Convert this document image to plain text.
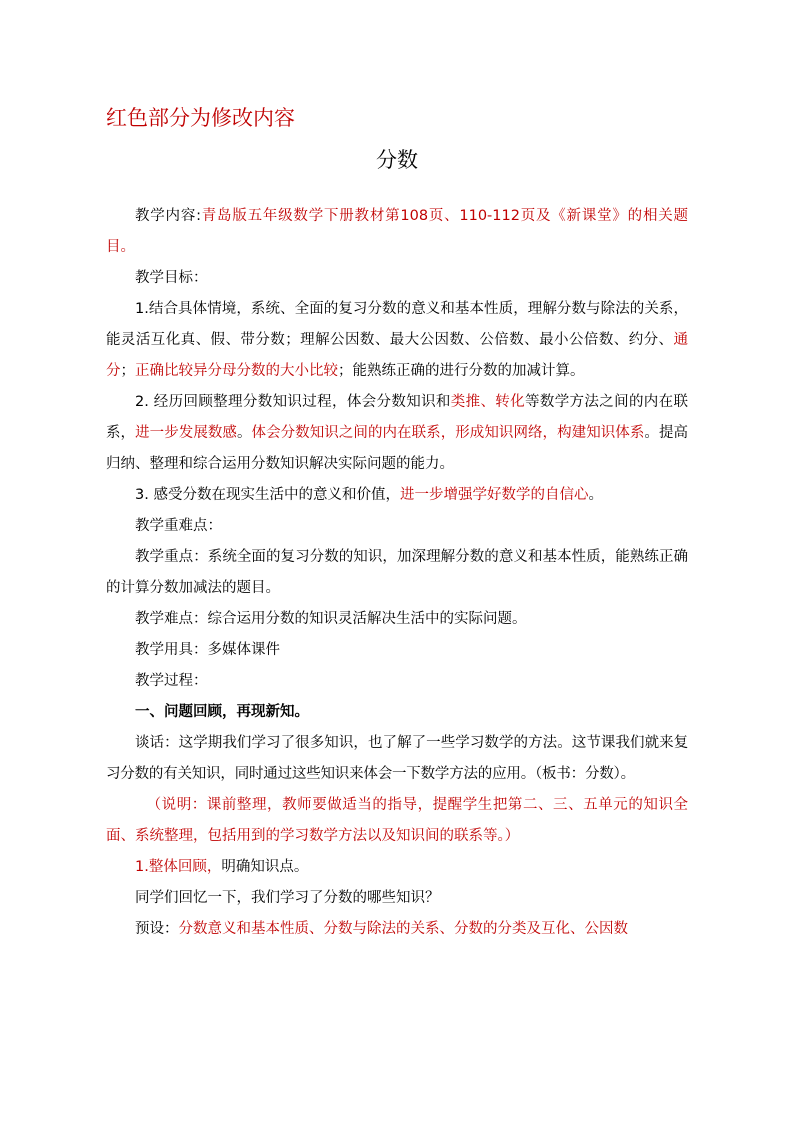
红色部分为修改内容
分数

教学内容:青岛版五年级数学下册教材第108页、110-112页及《新课堂》的相关题目。

教学目标：

1.结合具体情境，系统、全面的复习分数的意义和基本性质，理解分数与除法的关系，能灵活互化真、假、带分数；理解公因数、最大公因数、公倍数、最小公倍数、约分、通分；正确比较异分母分数的大小比较；能熟练正确的进行分数的加减计算。

2. 经历回顾整理分数知识过程，体会分数知识和类推、转化等数学方法之间的内在联系，进一步发展数感。体会分数知识之间的内在联系，形成知识网络，构建知识体系。提高归纳、整理和综合运用分数知识解决实际问题的能力。

3. 感受分数在现实生活中的意义和价值，进一步增强学好数学的自信心。

教学重难点：

教学重点：系统全面的复习分数的知识，加深理解分数的意义和基本性质，能熟练正确的计算分数加减法的题目。

教学难点：综合运用分数的知识灵活解决生活中的实际问题。

教学用具：多媒体课件

教学过程：

一、问题回顾，再现新知。

谈话：这学期我们学习了很多知识，也了解了一些学习数学的方法。这节课我们就来复习分数的有关知识，同时通过这些知识来体会一下数学方法的应用。（板书：分数）。

（说明：课前整理，教师要做适当的指导，提醒学生把第二、三、五单元的知识全面、系统整理，包括用到的学习数学方法以及知识间的联系等。）

1.整体回顾，明确知识点。

同学们回忆一下，我们学习了分数的哪些知识？

预设：分数意义和基本性质、分数与除法的关系、分数的分类及互化、公因数
